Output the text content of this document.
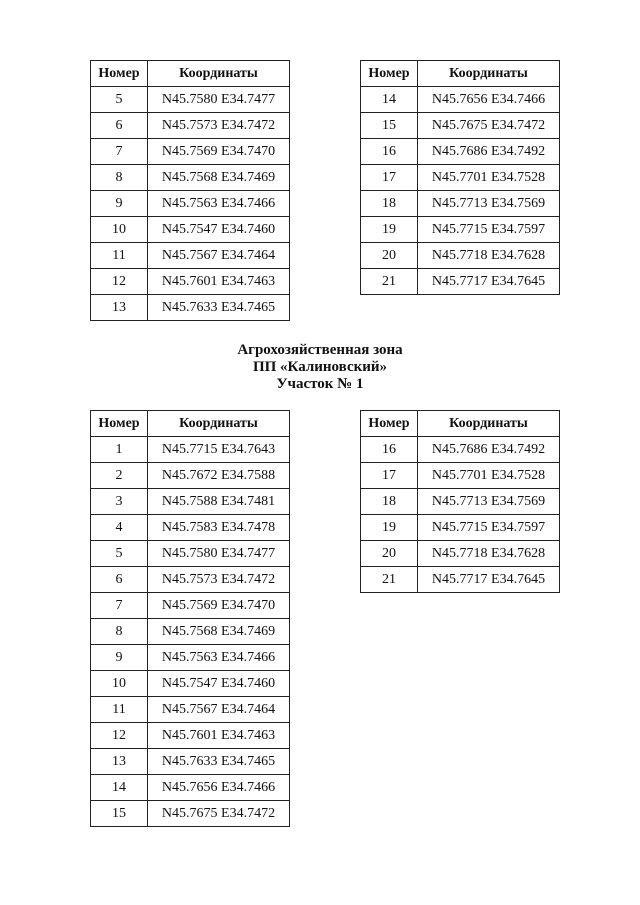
Номер	Координаты
5	N45.7580 E34.7477
6	N45.7573 E34.7472
7	N45.7569 E34.7470
8	N45.7568 E34.7469
9	N45.7563 E34.7466
10	N45.7547 E34.7460
11	N45.7567 E34.7464
12	N45.7601 E34.7463
13	N45.7633 E34.7465
Номер	Координаты
14	N45.7656 E34.7466
15	N45.7675 E34.7472
16	N45.7686 E34.7492
17	N45.7701 E34.7528
18	N45.7713 E34.7569
19	N45.7715 E34.7597
20	N45.7718 E34.7628
21	N45.7717 E34.7645
Агрохозяйственная зона
ПП «Калиновский»
Участок № 1
Номер	Координаты
1	N45.7715 E34.7643
2	N45.7672 E34.7588
3	N45.7588 E34.7481
4	N45.7583 E34.7478
5	N45.7580 E34.7477
6	N45.7573 E34.7472
7	N45.7569 E34.7470
8	N45.7568 E34.7469
9	N45.7563 E34.7466
10	N45.7547 E34.7460
11	N45.7567 E34.7464
12	N45.7601 E34.7463
13	N45.7633 E34.7465
14	N45.7656 E34.7466
15	N45.7675 E34.7472
Номер	Координаты
16	N45.7686 E34.7492
17	N45.7701 E34.7528
18	N45.7713 E34.7569
19	N45.7715 E34.7597
20	N45.7718 E34.7628
21	N45.7717 E34.7645
